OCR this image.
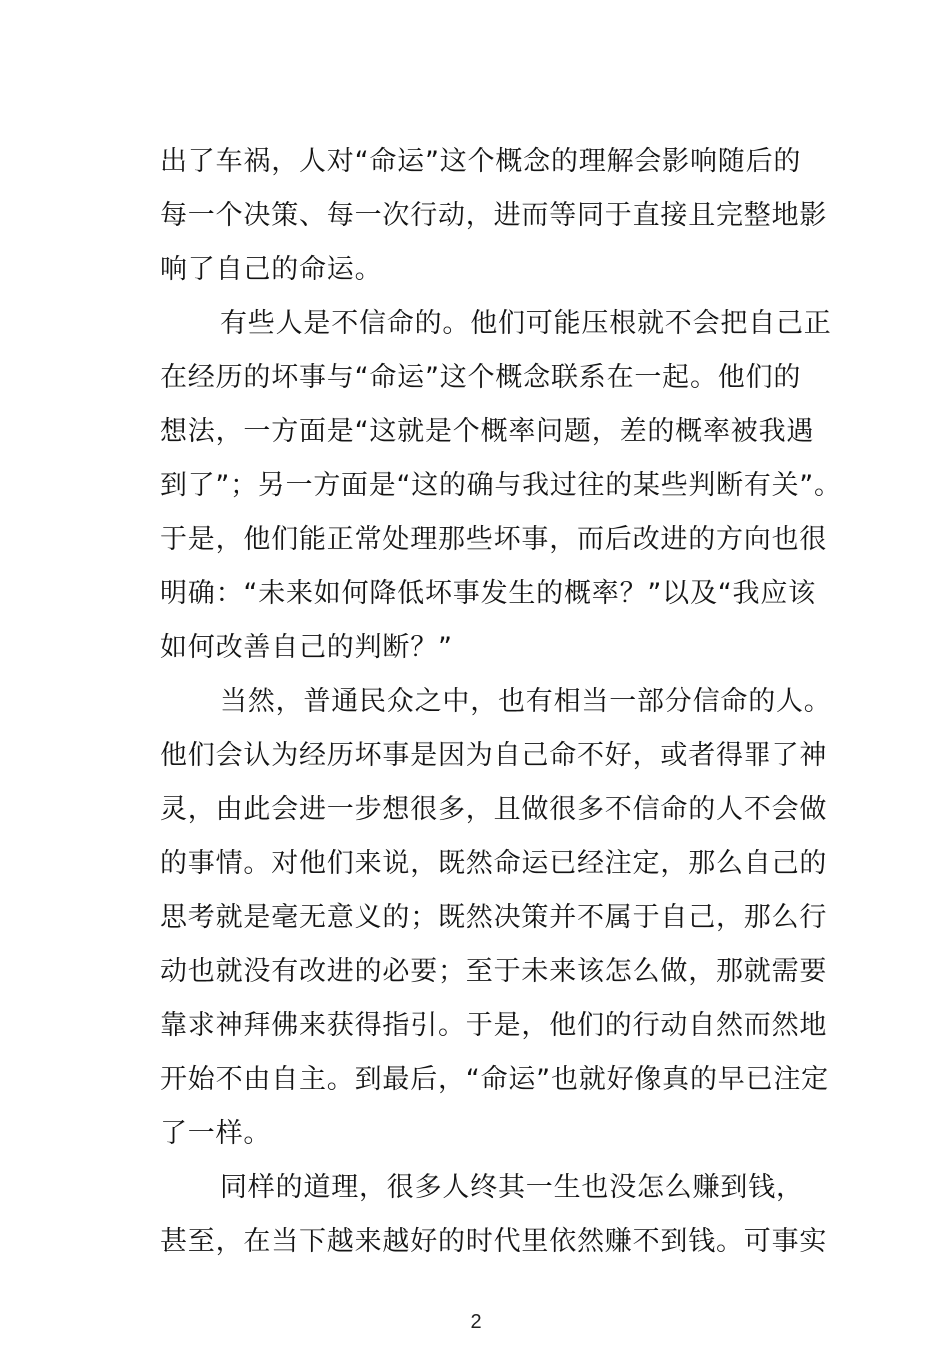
出了车祸，人对“命运”这个概念的理解会影响随后的
每一个决策、每一次行动，进而等同于直接且完整地影
响了自己的命运。
有些人是不信命的。他们可能压根就不会把自己正
在经历的坏事与“命运”这个概念联系在一起。他们的
想法，一方面是“这就是个概率问题，差的概率被我遇
到了”；另一方面是“这的确与我过往的某些判断有关”。
于是，他们能正常处理那些坏事，而后改进的方向也很
明确：“未来如何降低坏事发生的概率？”以及“我应该
如何改善自己的判断？”
当然，普通民众之中，也有相当一部分信命的人。
他们会认为经历坏事是因为自己命不好，或者得罪了神
灵，由此会进一步想很多，且做很多不信命的人不会做
的事情。对他们来说，既然命运已经注定，那么自己的
思考就是毫无意义的；既然决策并不属于自己，那么行
动也就没有改进的必要；至于未来该怎么做，那就需要
靠求神拜佛来获得指引。于是，他们的行动自然而然地
开始不由自主。到最后，“命运”也就好像真的早已注定
了一样。
同样的道理，很多人终其一生也没怎么赚到钱，
甚至，在当下越来越好的时代里依然赚不到钱。可事实
2
